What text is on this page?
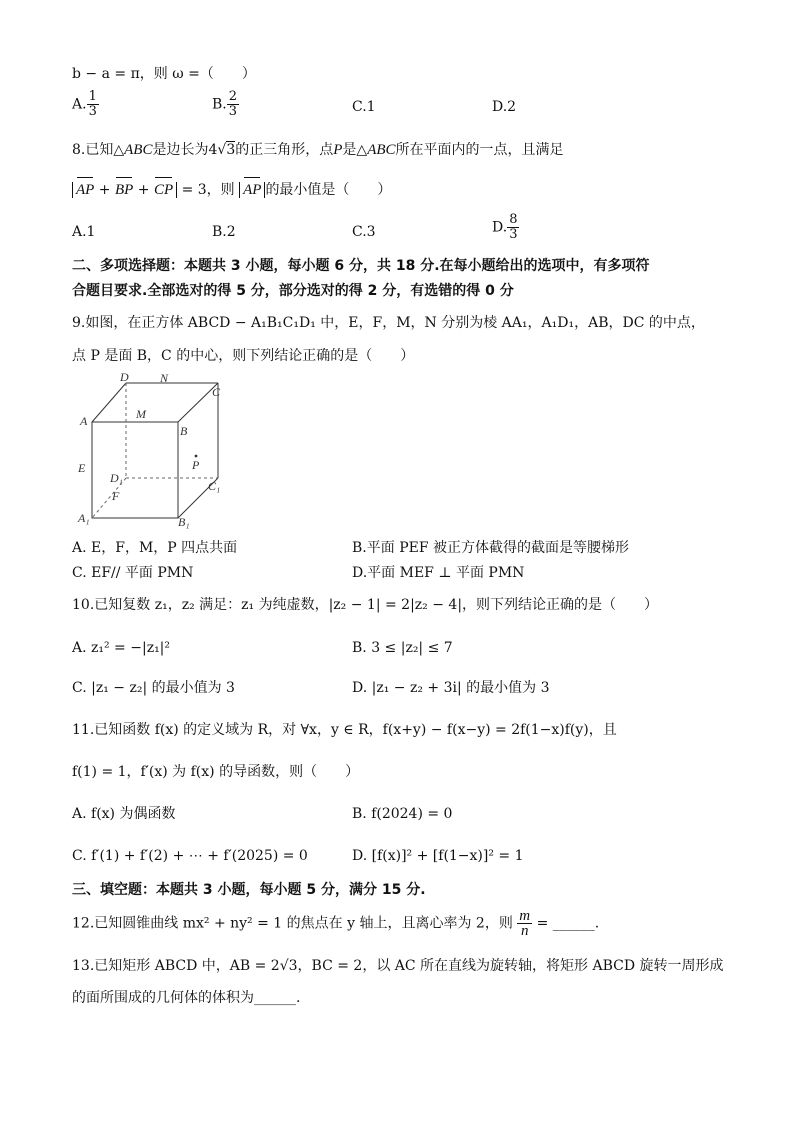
b − a = π，则 ω =（　　）
A. $\frac{1}{3}$	B. $\frac{2}{3}$	C.1	D.2
8.已知△ABC是边长为4√3的正三角形，点P是△ABC所在平面内的一点，且满足
AP + BP + CP = 3，则 AP 的最小值是（　　）
A.1	B.2	C.3	D. $\frac{8}{3}$
二、多项选择题：本题共 3 小题，每小题 6 分，共 18 分.在每小题给出的选项中，有多项符
合题目要求.全部选对的得 5 分，部分选对的得 2 分，有选错的得 0 分
9.如图，在正方体 ABCD − A₁B₁C₁D₁ 中，E，F，M，N 分别为棱 AA₁，A₁D₁，AB，DC 的中点，
点 P 是面 B，C 的中心，则下列结论正确的是（　　）
D	N
C
M
A
B
E	P
D₁
C₁
F
A₁	B₁
A. E，F，M，P 四点共面	B.平面 PEF 被正方体截得的截面是等腰梯形
C. EF// 平面 PMN	D.平面 MEF ⊥ 平面 PMN
10.已知复数 z₁，z₂ 满足：z₁ 为纯虚数，|z₂ − 1| = 2|z₂ − 4|，则下列结论正确的是（　　）
A. z₁² = −|z₁|²	B. 3 ≤ |z₂| ≤ 7
C. |z₁ − z₂| 的最小值为 3	D. |z₁ − z₂ + 3i| 的最小值为 3
11.已知函数 f(x) 的定义域为 R，对 ∀x，y ∈ R，f(x+y) − f(x−y) = 2f(1−x)f(y)，且
f(1) = 1，f′(x) 为 f(x) 的导函数，则（　　）
A. f(x) 为偶函数	B. f(2024) = 0
C. f′(1) + f′(2) + ⋯ + f′(2025) = 0	D. [f(x)]² + [f(1−x)]² = 1
三、填空题：本题共 3 小题，每小题 5 分，满分 15 分.
12.已知圆锥曲线 mx² + ny² = 1 的焦点在 y 轴上，且离心率为 2，则 $\frac{m}{n}$ = ______.
13.已知矩形 ABCD 中，AB = 2√3，BC = 2，以 AC 所在直线为旋转轴，将矩形 ABCD 旋转一周形成
的面所围成的几何体的体积为______.
